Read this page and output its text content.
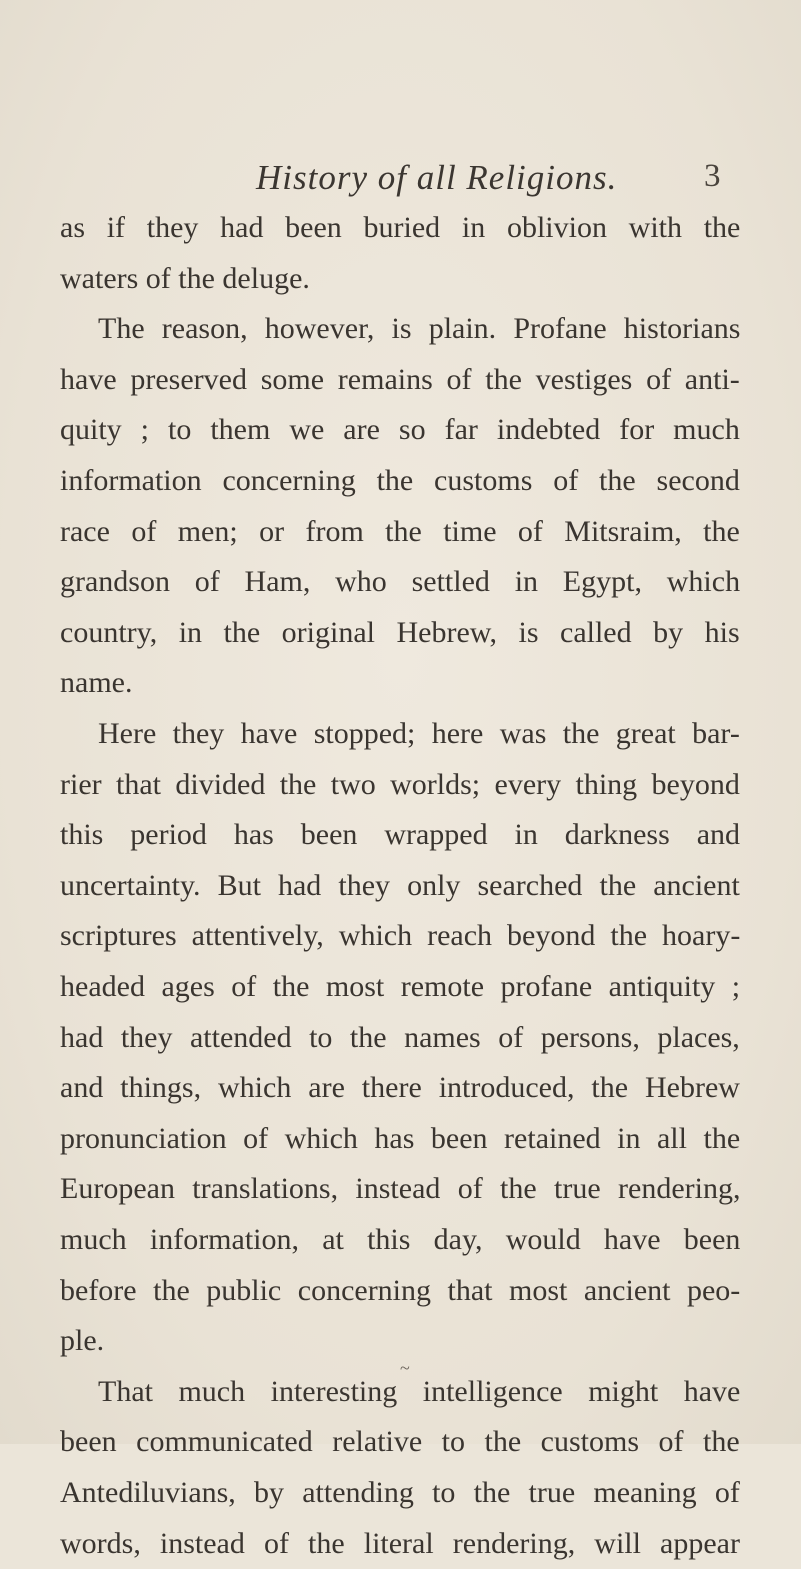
History of all Religions.	3
as if they had been buried in oblivion with the
waters of the deluge.
The reason, however, is plain. Profane historians
have preserved some remains of the vestiges of anti-
quity ; to them we are so far indebted for much
information concerning the customs of the second
race of men; or from the time of Mitsraim, the
grandson of Ham, who settled in Egypt, which
country, in the original Hebrew, is called by his
name.
Here they have stopped; here was the great bar-
rier that divided the two worlds; every thing beyond
this period has been wrapped in darkness and
uncertainty. But had they only searched the ancient
scriptures attentively, which reach beyond the hoary-
headed ages of the most remote profane antiquity ;
had they attended to the names of persons, places,
and things, which are there introduced, the Hebrew
pronunciation of which has been retained in all the
European translations, instead of the true rendering,
much information, at this day, would have been
before the public concerning that most ancient peo-
ple.
That much interesting intelligence might have
been communicated relative to the customs of the
Antediluvians, by attending to the true meaning of
words, instead of the literal rendering, will appear
~
